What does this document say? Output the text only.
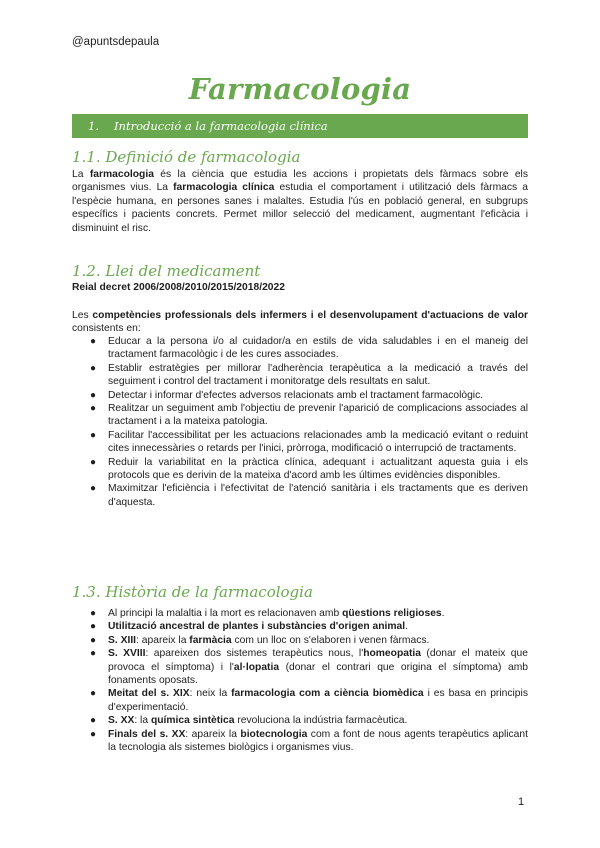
@apuntsdepaula
Farmacologia
1. Introducció a la farmacologia clínica
1.1. Definició de farmacologia
La farmacologia és la ciència que estudia les accions i propietats dels fàrmacs sobre els organismes vius. La farmacologia clínica estudia el comportament i utilització dels fàrmacs a l'espècie humana, en persones sanes i malaltes. Estudia l'ús en població general, en subgrups específics i pacients concrets. Permet millor selecció del medicament, augmentant l'eficàcia i disminuint el risc.
1.2. Llei del medicament
Reial decret 2006/2008/2010/2015/2018/2022
Les competències professionals dels infermers i el desenvolupament d'actuacions de valor consistents en:
● Educar a la persona i/o al cuidador/a en estils de vida saludables i en el maneig del tractament farmacològic i de les cures associades.
● Establir estratègies per millorar l'adherència terapèutica a la medicació a través del seguiment i control del tractament i monitoratge dels resultats en salut.
● Detectar i informar d'efectes adversos relacionats amb el tractament farmacològic.
● Realitzar un seguiment amb l'objectiu de prevenir l'aparició de complicacions associades al tractament i a la mateixa patologia.
● Facilitar l'accessibilitat per les actuacions relacionades amb la medicació evitant o reduint cites innecessàries o retards per l'inici, pròrroga, modificació o interrupció de tractaments.
● Reduir la variabilitat en la pràctica clínica, adequant i actualitzant aquesta guia i els protocols que es derivin de la mateixa d'acord amb les últimes evidències disponibles.
● Maximitzar l'eficiència i l'efectivitat de l'atenció sanitària i els tractaments que es deriven d'aquesta.
1.3. Història de la farmacologia
● Al principi la malaltia i la mort es relacionaven amb qüestions religioses.
● Utilització ancestral de plantes i substàncies d'origen animal.
● S. XIII: apareix la farmàcia com un lloc on s'elaboren i venen fàrmacs.
● S. XVIII: apareixen dos sistemes terapèutics nous, l'homeopatia (donar el mateix que provoca el símptoma) i l'al·lopatia (donar el contrari que origina el símptoma) amb fonaments oposats.
● Meitat del s. XIX: neix la farmacologia com a ciència biomèdica i es basa en principis d'experimentació.
● S. XX: la química sintètica revoluciona la indústria farmacèutica.
● Finals del s. XX: apareix la biotecnologia com a font de nous agents terapèutics aplicant la tecnologia als sistemes biològics i organismes vius.
1
